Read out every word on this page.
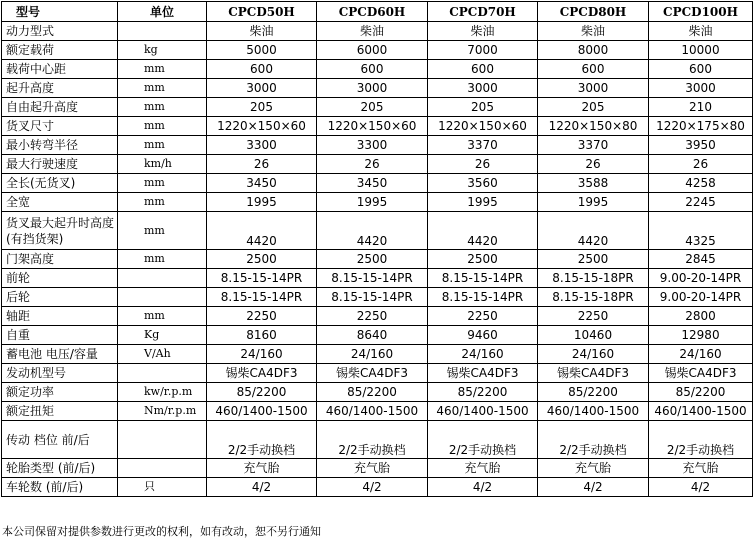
型号	单位	CPCD50H	CPCD60H	CPCD70H	CPCD80H	CPCD100H
动力型式		柴油	柴油	柴油	柴油	柴油
额定载荷	kg	5000	6000	7000	8000	10000
载荷中心距	mm	600	600	600	600	600
起升高度	mm	3000	3000	3000	3000	3000
自由起升高度	mm	205	205	205	205	210
货叉尺寸	mm	1220×150×60	1220×150×60	1220×150×60	1220×150×80	1220×175×80
最小转弯半径	mm	3300	3300	3370	3370	3950
最大行驶速度	km/h	26	26	26	26	26
全长(无货叉)	mm	3450	3450	3560	3588	4258
全宽	mm	1995	1995	1995	1995	2245
货叉最大起升时高度(有挡货架)	mm	4420	4420	4420	4420	4325
门架高度	mm	2500	2500	2500	2500	2845
前轮		8.15-15-14PR	8.15-15-14PR	8.15-15-14PR	8.15-15-18PR	9.00-20-14PR
后轮		8.15-15-14PR	8.15-15-14PR	8.15-15-14PR	8.15-15-18PR	9.00-20-14PR
轴距	mm	2250	2250	2250	2250	2800
自重	Kg	8160	8640	9460	10460	12980
蓄电池 电压/容量	V/Ah	24/160	24/160	24/160	24/160	24/160
发动机型号		锡柴CA4DF3	锡柴CA4DF3	锡柴CA4DF3	锡柴CA4DF3	锡柴CA4DF3
额定功率	kw/r.p.m	85/2200	85/2200	85/2200	85/2200	85/2200
额定扭矩	Nm/r.p.m	460/1400-1500	460/1400-1500	460/1400-1500	460/1400-1500	460/1400-1500
传动 档位 前/后		2/2手动换档	2/2手动换档	2/2手动换档	2/2手动换档	2/2手动换档
轮胎类型 (前/后)		充气胎	充气胎	充气胎	充气胎	充气胎
车轮数 (前/后)	只	4/2	4/2	4/2	4/2	4/2
本公司保留对提供参数进行更改的权利，如有改动，恕不另行通知
